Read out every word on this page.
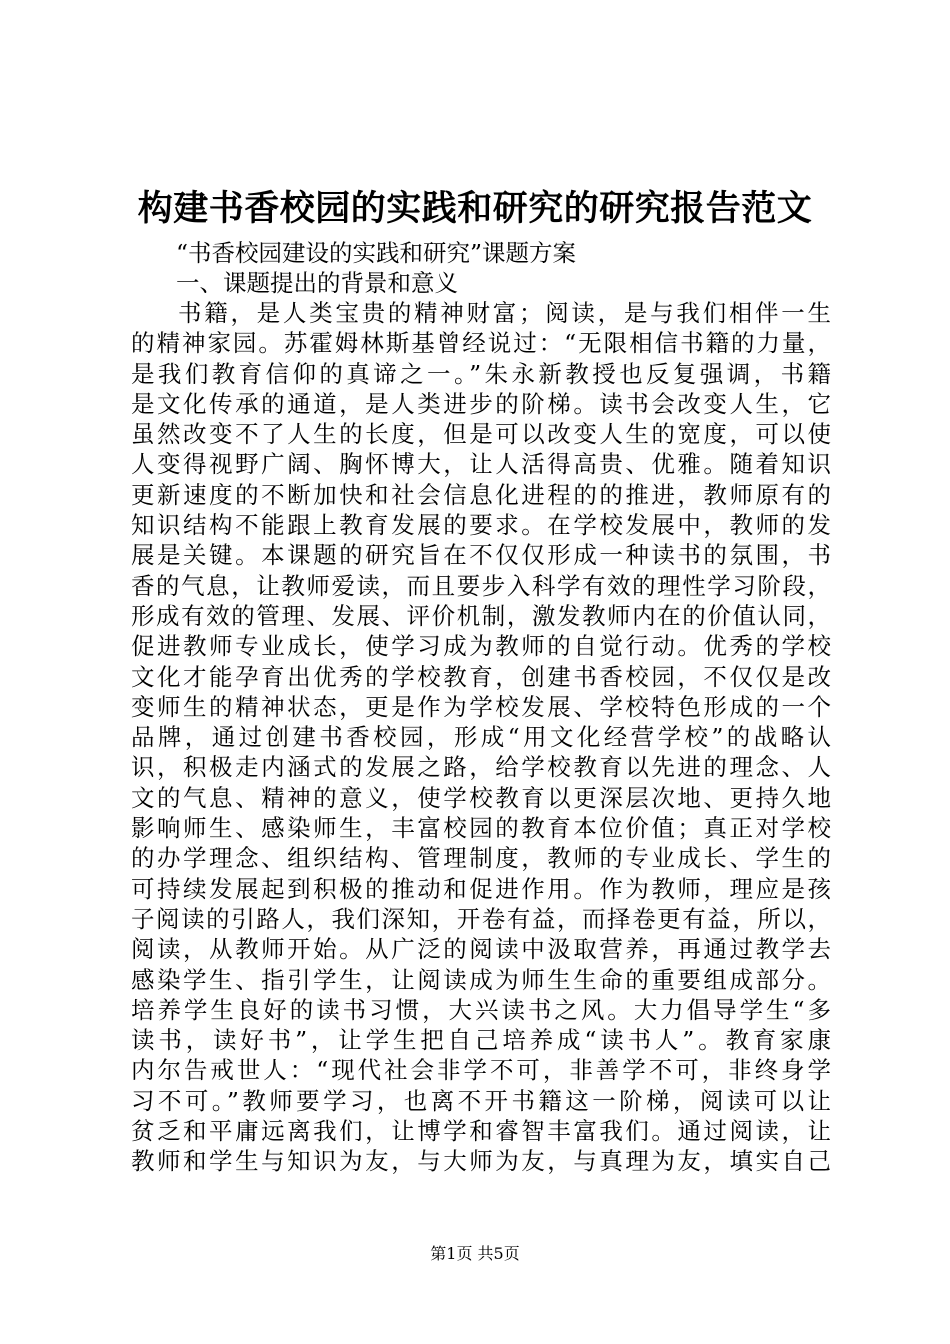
构建书香校园的实践和研究的研究报告范文
“书香校园建设的实践和研究”课题方案
一、课题提出的背景和意义
书籍，是人类宝贵的精神财富；阅读，是与我们相伴一生
的精神家园。苏霍姆林斯基曾经说过：“无限相信书籍的力量，
是我们教育信仰的真谛之一。”朱永新教授也反复强调，书籍
是文化传承的通道，是人类进步的阶梯。读书会改变人生，它
虽然改变不了人生的长度，但是可以改变人生的宽度，可以使
人变得视野广阔、胸怀博大，让人活得高贵、优雅。随着知识
更新速度的不断加快和社会信息化进程的的推进，教师原有的
知识结构不能跟上教育发展的要求。在学校发展中，教师的发
展是关键。本课题的研究旨在不仅仅形成一种读书的氛围，书
香的气息，让教师爱读，而且要步入科学有效的理性学习阶段，
形成有效的管理、发展、评价机制，激发教师内在的价值认同，
促进教师专业成长，使学习成为教师的自觉行动。优秀的学校
文化才能孕育出优秀的学校教育，创建书香校园，不仅仅是改
变师生的精神状态，更是作为学校发展、学校特色形成的一个
品牌，通过创建书香校园，形成“用文化经营学校”的战略认
识，积极走内涵式的发展之路，给学校教育以先进的理念、人
文的气息、精神的意义，使学校教育以更深层次地、更持久地
影响师生、感染师生，丰富校园的教育本位价值；真正对学校
的办学理念、组织结构、管理制度，教师的专业成长、学生的
可持续发展起到积极的推动和促进作用。作为教师，理应是孩
子阅读的引路人，我们深知，开卷有益，而择卷更有益，所以，
阅读，从教师开始。从广泛的阅读中汲取营养，再通过教学去
感染学生、指引学生，让阅读成为师生生命的重要组成部分。
培养学生良好的读书习惯，大兴读书之风。大力倡导学生“多
读书，读好书”，让学生把自己培养成“读书人”。教育家康
内尔告戒世人：“现代社会非学不可，非善学不可，非终身学
习不可。”教师要学习，也离不开书籍这一阶梯，阅读可以让
贫乏和平庸远离我们，让博学和睿智丰富我们。通过阅读，让
教师和学生与知识为友，与大师为友，与真理为友，填实自己
第1页 共5页
